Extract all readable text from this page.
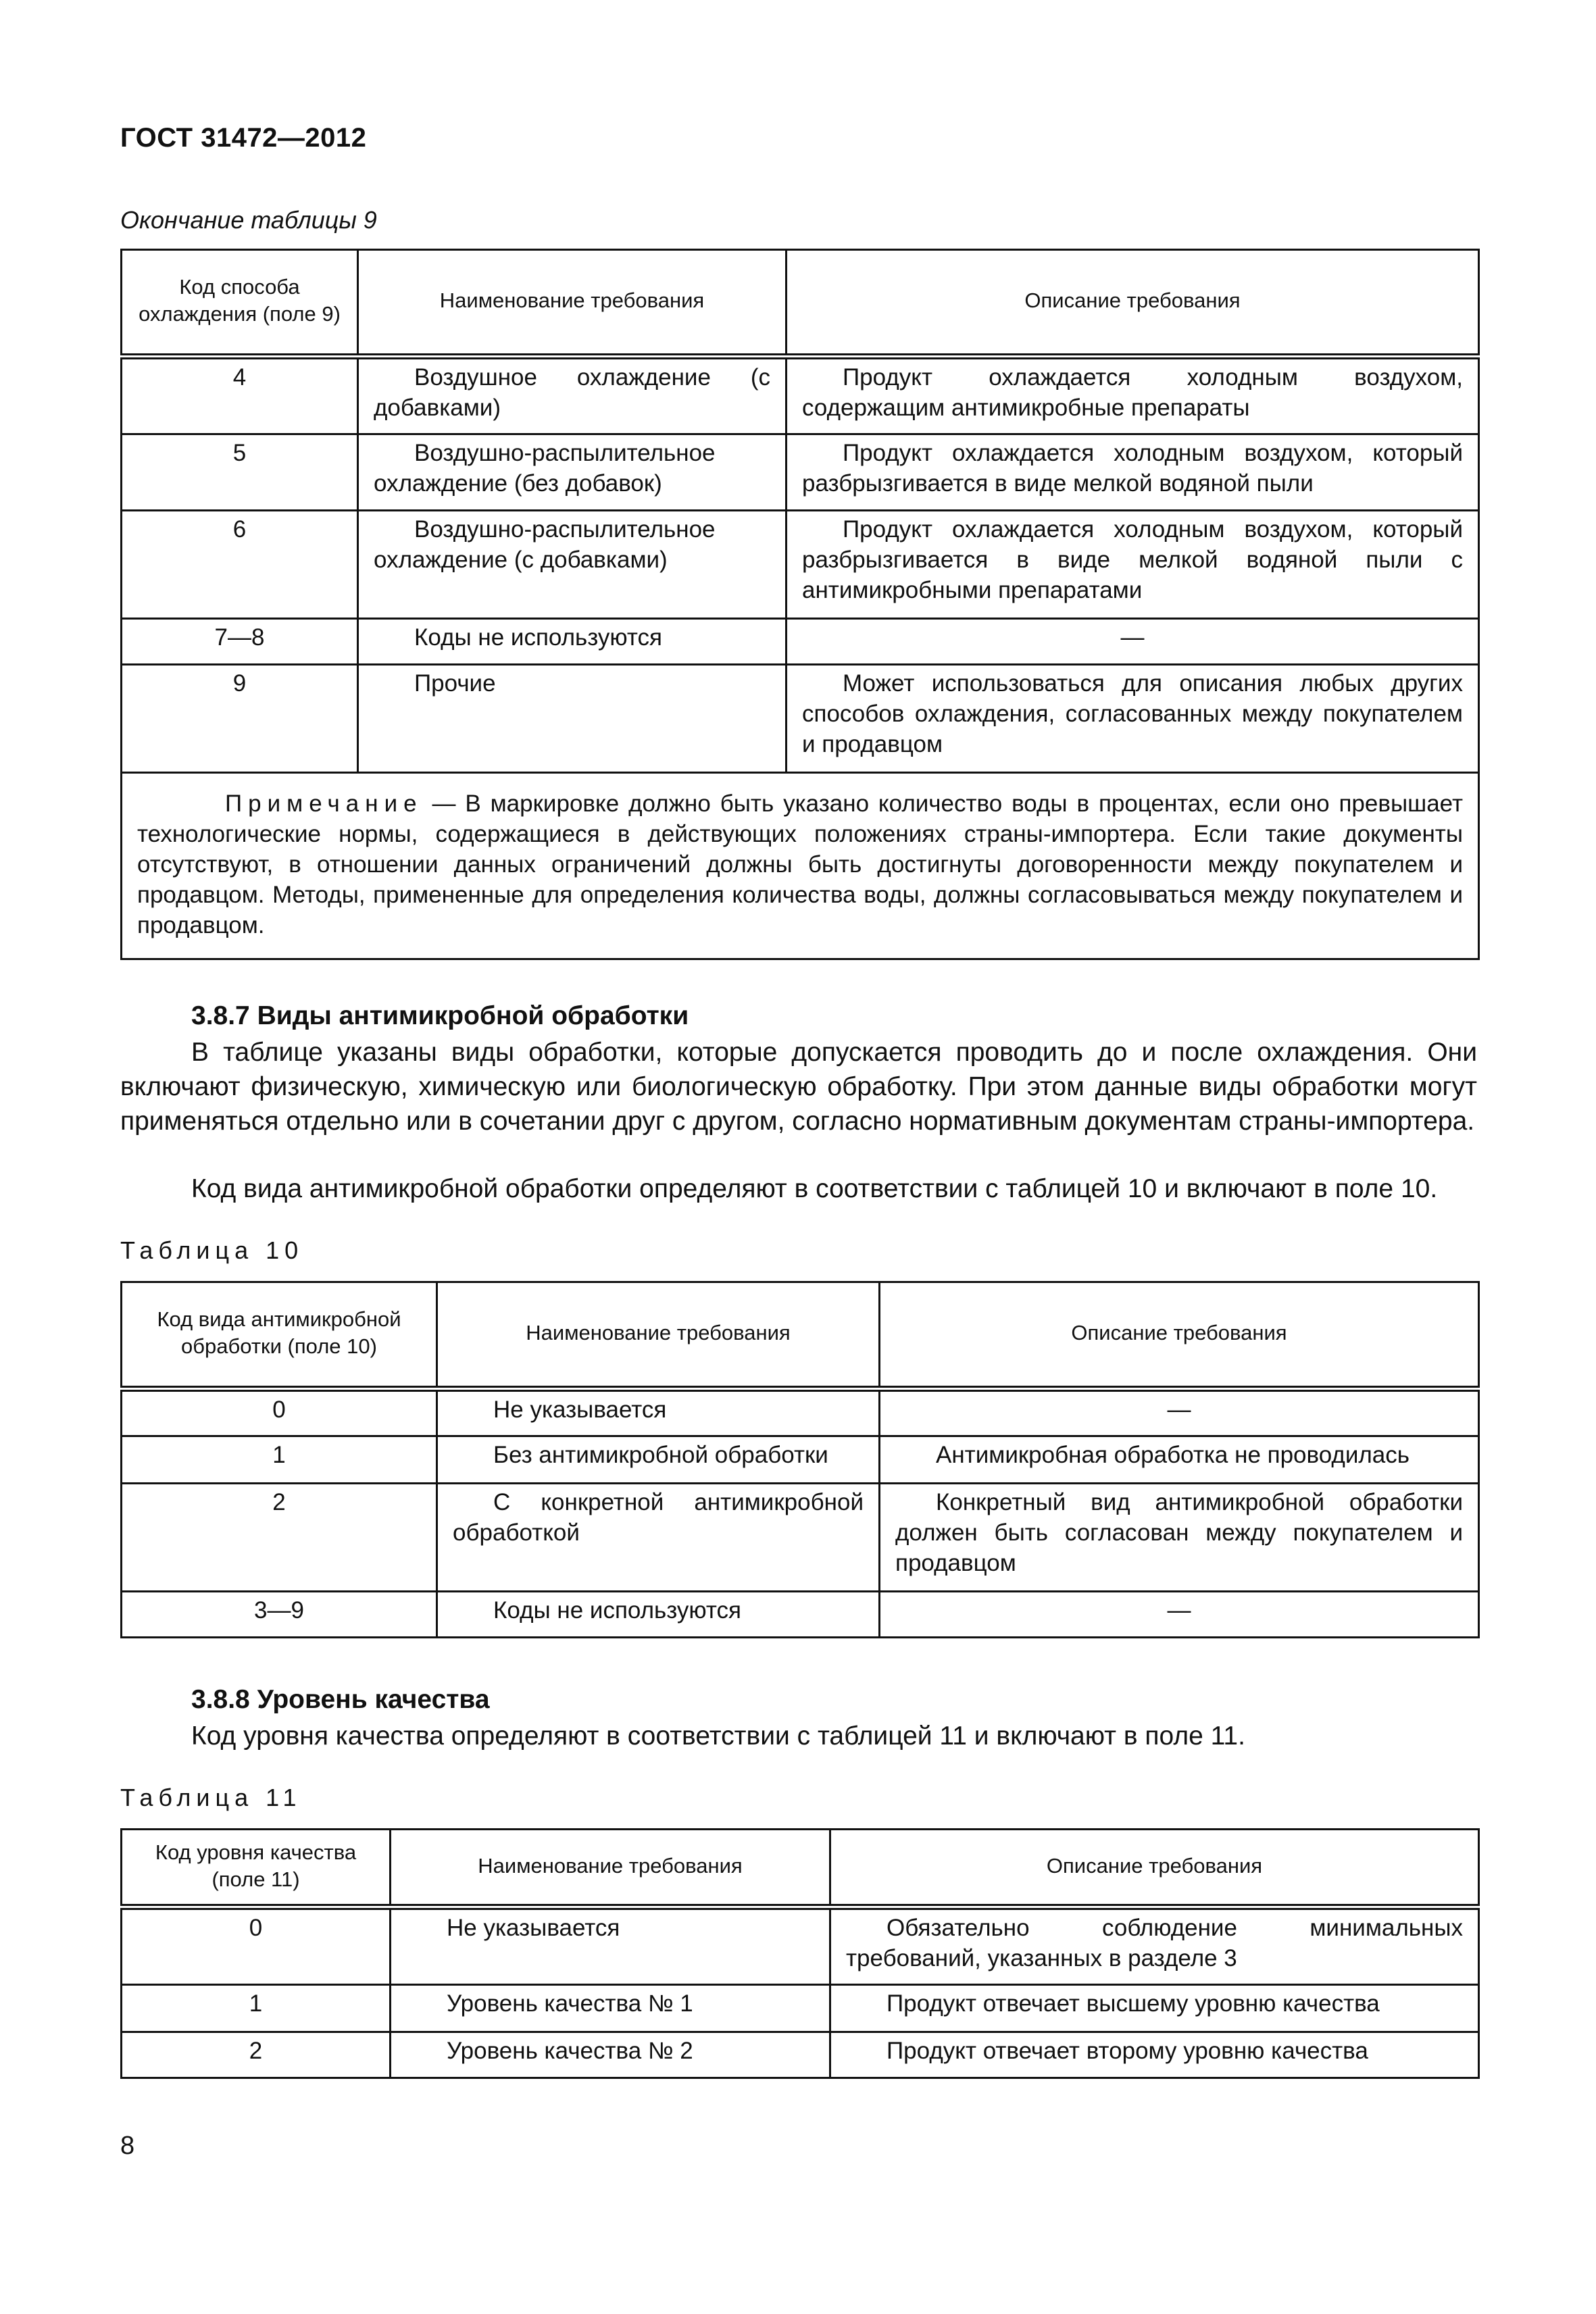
ГОСТ 31472—2012
Окончание таблицы 9
Код способа охлаждения (поле 9)	Наименование требования	Описание требования
4	Воздушное охлаждение (с добавками)	Продукт охлаждается холодным воздухом, содержащим антимикробные препараты
5	Воздушно-распылительное охлаждение (без добавок)	Продукт охлаждается холодным воздухом, который разбрызгивается в виде мелкой водяной пыли
6	Воздушно-распылительное охлаждение (с добавками)	Продукт охлаждается холодным воздухом, который разбрызгивается в виде мелкой водяной пыли с антимикробными препаратами
7—8	Коды не используются	—
9	Прочие	Может использоваться для описания любых других способов охлаждения, согласованных между покупателем и продавцом
Примечание — В маркировке должно быть указано количество воды в процентах, если оно превышает технологические нормы, содержащиеся в действующих положениях страны-импортера. Если такие документы отсутствуют, в отношении данных ограничений должны быть достигнуты договоренности между покупателем и продавцом. Методы, примененные для определения количества воды, должны согласовываться между покупателем и продавцом.		
3.8.7 Виды антимикробной обработки
В таблице указаны виды обработки, которые допускается проводить до и после охлаждения. Они включают физическую, химическую или биологическую обработку. При этом данные виды обработки могут применяться отдельно или в сочетании друг с другом, согласно нормативным документам страны-импортера.
Код вида антимикробной обработки определяют в соответствии с таблицей 10 и включают в поле 10.
Таблица 10
Код вида антимикробной обработки (поле 10)	Наименование требования	Описание требования
0	Не указывается	—
1	Без антимикробной обработки	Антимикробная обработка не проводилась
2	С конкретной антимикробной обработкой	Конкретный вид антимикробной обработки должен быть согласован между покупателем и продавцом
3—9	Коды не используются	—
3.8.8 Уровень качества
Код уровня качества определяют в соответствии с таблицей 11 и включают в поле 11.
Таблица 11
Код уровня качества (поле 11)	Наименование требования	Описание требования
0	Не указывается	Обязательно соблюдение минимальных требований, указанных в разделе 3
1	Уровень качества № 1	Продукт отвечает высшему уровню качества
2	Уровень качества № 2	Продукт отвечает второму уровню качества
8
